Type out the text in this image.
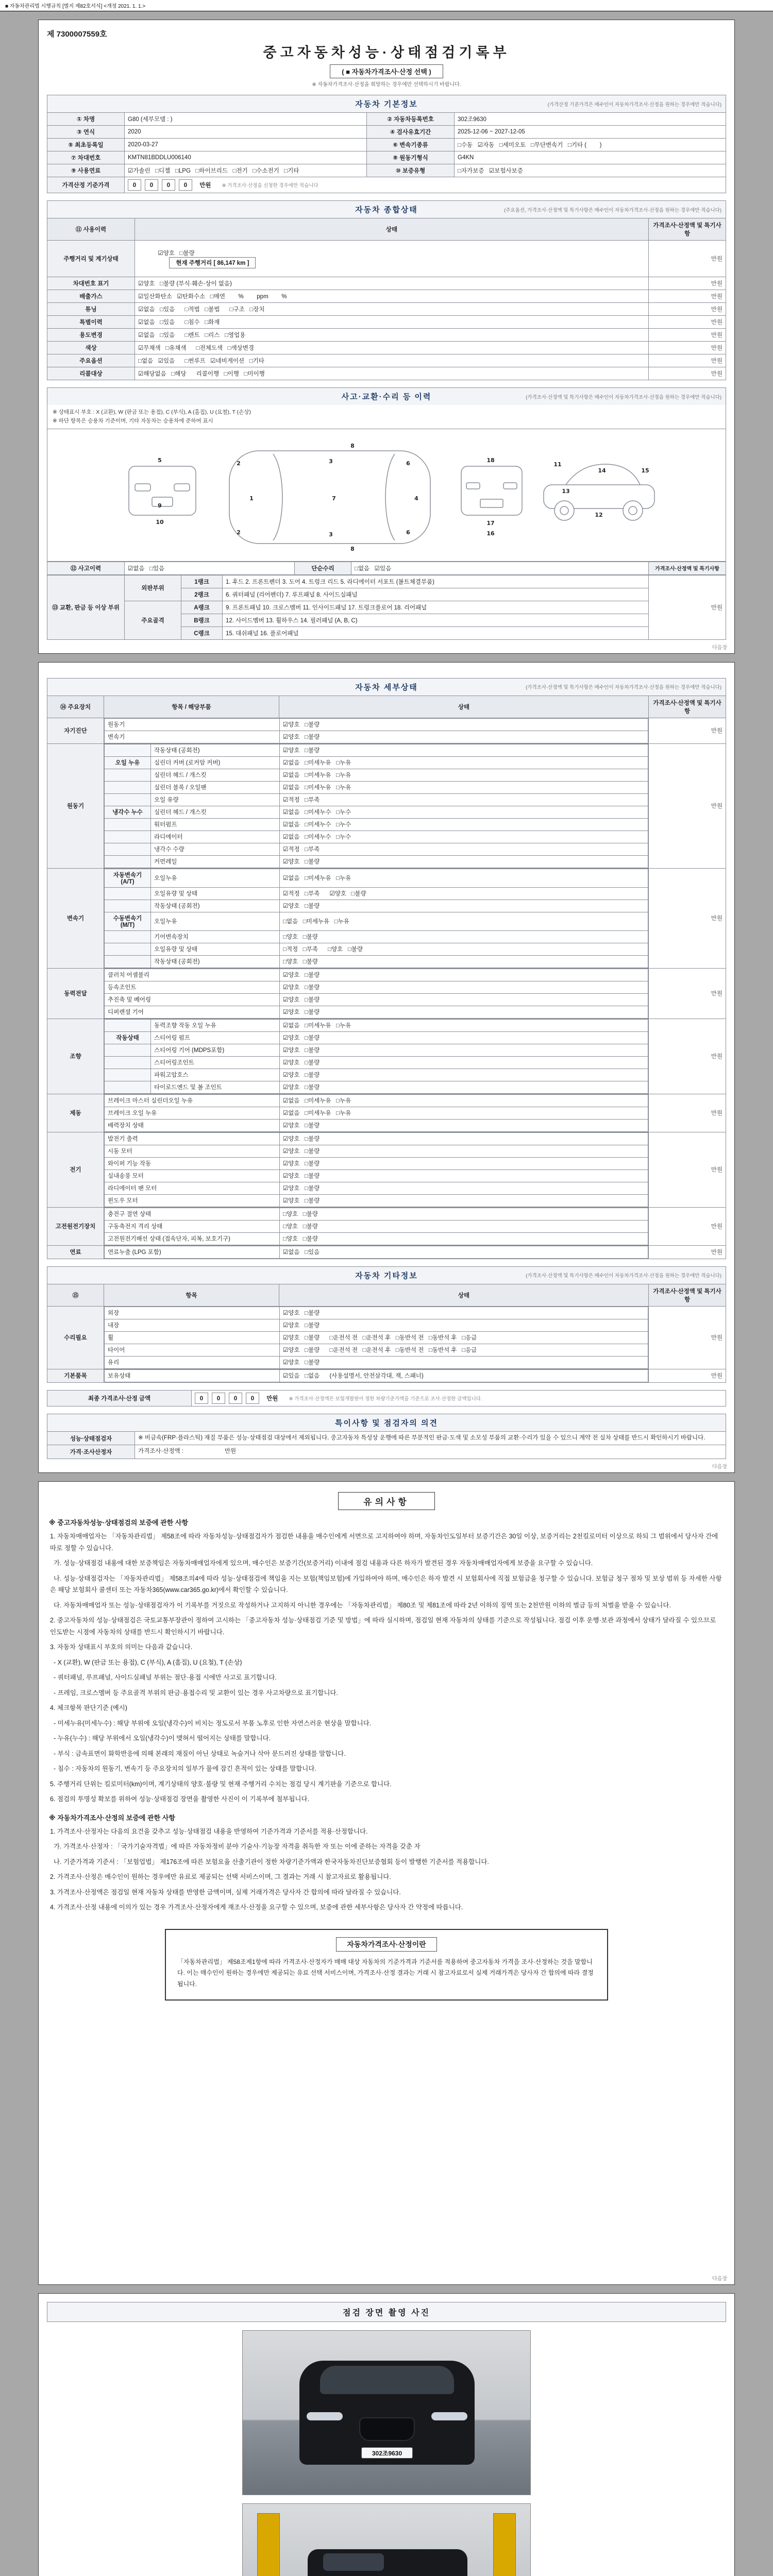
■ 자동차관리법 시행규칙 [별지 제82호서식] <개정 2021. 1. 1.>
제 7300007559호
중고자동차성능·상태점검기록부
( ■ 자동차가격조사·산정 선택 )
※ 자동차가격조사·산정을 희망하는 경우에만 선택하시기 바랍니다.
자동차 기본정보	(가격산정 기준가격은 매수인이 자동차가격조사·산정을 원하는 경우에만 적습니다)
① 차명	G80 (세부모델 : )	② 자동차등록번호	302조9630
③ 연식	2020	④ 검사유효기간	2025-12-06 ~ 2027-12-05
⑤ 최초등록일	2020-03-27	⑥ 변속기종류	□수동   ☑자동   □세미오토   □무단변속기   □기타 (        )
⑦ 차대번호	KMTN81BDDLU006140	⑧ 원동기형식	G4KN
⑨ 사용연료	☑가솔린   □디젤   □LPG   □하이브리드   □전기   □수소전기   □기타	⑩ 보증유형	□자가보증   ☑보험사보증
가격산정 기준가격	0 0 0 0 만원 ※ 가격조사·산정을 신청한 경우에만 적습니다		
자동차 종합상태	(주요옵션, 가격조사·산정액 및 특기사항은 매수인이 자동차가격조사·산정을 원하는 경우에만 적습니다)
⑪ 사용이력	상태	가격조사·산정액 및 특기사항
주행거리 및 계기상태	☑양호   □불량
현재 주행거리 [ 86,147 km ]	만원
차대번호 표기	☑양호   □불량 (부식·훼손·상이 없음)	만원
배출가스	☑일산화탄소   ☑탄화수소   □매연        %        ppm        %	만원
튜닝	☑없음   □있음      □적법   □불법      □구조   □장치	만원
특별이력	☑없음   □있음      □침수   □화재	만원
용도변경	☑없음   □있음      □렌트   □리스   □영업용	만원
색상	☑무채색   □유채색      □전체도색   □색상변경	만원
주요옵션	□없음   ☑있음      □썬루프   ☑네비게이션   □기타	만원
리콜대상	☑해당없음   □해당      리콜이행   □이행   □미이행	만원
사고·교환·수리 등 이력	(가격조사·산정액 및 특기사항은 매수인이 자동차가격조사·산정을 원하는 경우에만 적습니다)
※ 상태표시 부호 : X (교환), W (판금 또는 용접), C (부식), A (흠집), U (요철), T (손상)
※ 하단 항목은 승용차 기준이며, 기타 자동차는 승용차에 준하여 표시
5
9
10
1
2
2
3
3
4
6
6
7
8
8
18
17
16
11
12
13
14	15
⑫ 사고이력	☑없음   □있음	단순수리	□없음   ☑있음	가격조사·산정액 및 특기사항
⑬ 교환, 판금 등 이상 부위	외판부위	1랭크	1. 후드 2. 프론트펜더 3. 도어 4. 트렁크 리드 5. 라디에이터 서포트 (볼트체결부품)	만원
		2랭크	6. 쿼터패널 (리어펜더) 7. 루프패널 8. 사이드실패널	
	주요골격	A랭크	9. 프론트패널 10. 크로스멤버 11. 인사이드패널 17. 트렁크플로어 18. 리어패널	
		B랭크	12. 사이드멤버 13. 휠하우스 14. 필러패널 (A, B, C)	
		C랭크	15. 대쉬패널 16. 플로어패널	
다음장
자동차 세부상태	(가격조사·산정액 및 특기사항은 매수인이 자동차가격조사·산정을 원하는 경우에만 적습니다)
⑭ 주요장치	항목 / 해당부품	상태	가격조사·산정액 및 특기사항
자기진단
원동기	☑양호   □불량
변속기	☑양호   □불량
만원
원동기
	작동상태 (공회전)	☑양호   □불량
오일 누유	실린더 커버 (로커암 커버)	☑없음   □미세누유   □누유
	실린더 헤드 / 개스킷	☑없음   □미세누유   □누유
	실린더 블록 / 오일팬	☑없음   □미세누유   □누유
	오일 유량	☑적정   □부족
냉각수 누수	실린더 헤드 / 개스킷	☑없음   □미세누수   □누수
	워터펌프	☑없음   □미세누수   □누수
	라디에이터	☑없음   □미세누수   □누수
	냉각수 수량	☑적정   □부족
	커먼레일	☑양호   □불량
만원
변속기
자동변속기 (A/T)	오일누유	☑없음   □미세누유   □누유
	오일유량 및 상태	☑적정   □부족      ☑양호   □불량
	작동상태 (공회전)	☑양호   □불량
수동변속기 (M/T)	오일누유	□없음   □미세누유   □누유
	기어변속장치	□양호   □불량
	오일유량 및 상태	□적정   □부족      □양호   □불량
	작동상태 (공회전)	□양호   □불량
만원
동력전달
클러치 어셈블리	☑양호   □불량
등속조인트	☑양호   □불량
추진축 및 베어링	☑양호   □불량
디퍼렌셜 기어	☑양호   □불량
만원
조향
	동력조향 작동 오일 누유	☑없음   □미세누유   □누유
작동상태	스티어링 펌프	☑양호   □불량
	스티어링 기어 (MDPS포함)	☑양호   □불량
	스티어링조인트	☑양호   □불량
	파워고압호스	☑양호   □불량
	타이로드엔드 및 볼 조인트	☑양호   □불량
만원
제동
브레이크 마스터 실린더오일 누유	☑없음   □미세누유   □누유
브레이크 오일 누유	☑없음   □미세누유   □누유
배력장치 상태	☑양호   □불량
만원
전기
발전기 출력	☑양호   □불량
시동 모터	☑양호   □불량
와이퍼 기능 작동	☑양호   □불량
실내송풍 모터	☑양호   □불량
라디에이터 팬 모터	☑양호   □불량
윈도우 모터	☑양호   □불량
만원
고전원전기장치
충전구 절연 상태	□양호   □불량
구동축전지 격리 상태	□양호   □불량
고전원전기배선 상태 (접속단자, 피복, 보호기구)	□양호   □불량
만원
연료	연료누출 (LPG 포함)	☑없음   □있음	만원
자동차 기타정보	(가격조사·산정액 및 특기사항은 매수인이 자동차가격조사·산정을 원하는 경우에만 적습니다)
⑮	항목	상태	가격조사·산정액 및 특기사항
수리필요
외장	☑양호   □불량
내장	☑양호   □불량
휠	☑양호   □불량      □운전석 전   □운전석 후   □동반석 전   □동반석 후   □응급
타이어	☑양호   □불량      □운전석 전   □운전석 후   □동반석 전   □동반석 후   □응급
유리	☑양호   □불량
만원
기본품목	보유상태	☑있음   □없음      (사용설명서, 안전삼각대, 잭, 스패너)	만원
최종 가격조사·산정 금액	0 0 0 0 만원 ※ 가격조사·산정액은 보험개발원이 정한 차량기준가액을 기준으로 조사·산정한 금액입니다.
특이사항 및 점검자의 의견
성능·상태점검자	※ 비금속(FRP·플라스틱) 재질 부품은 성능·상태점검 대상에서 제외됩니다. 중고자동차 특성상 운행에 따른 부분적인 판금·도색 및 소모성 부품의 교환·수리가 있을 수 있으니 계약 전 실차 상태를 반드시 확인하시기 바랍니다.
가격·조사산정자	가격조사·산정액 :                         만원
다음장
유의사항
※ 중고자동차성능·상태점검의 보증에 관한 사항

1. 자동차매매업자는 「자동차관리법」 제58조에 따라 자동차성능·상태점검자가 점검한 내용을 매수인에게 서면으로 고지하여야 하며, 자동차인도일부터 보증기간은 30일 이상, 보증거리는 2천킬로미터 이상으로 하되 그 범위에서 당사자 간에 따로 정할 수 있습니다.

가. 성능·상태점검 내용에 대한 보증책임은 자동차매매업자에게 있으며, 매수인은 보증기간(보증거리) 이내에 점검 내용과 다른 하자가 발견된 경우 자동차매매업자에게 보증을 요구할 수 있습니다.

나. 성능·상태점검자는 「자동차관리법」 제58조의4에 따라 성능·상태점검에 책임을 지는 보험(책임보험)에 가입하여야 하며, 매수인은 하자 발견 시 보험회사에 직접 보험금을 청구할 수 있습니다. 보험금 청구 절차 및 보상 범위 등 자세한 사항은 해당 보험회사 콜센터 또는 자동차365(www.car365.go.kr)에서 확인할 수 있습니다.

다. 자동차매매업자 또는 성능·상태점검자가 이 기록부를 거짓으로 작성하거나 고지하지 아니한 경우에는 「자동차관리법」 제80조 및 제81조에 따라 2년 이하의 징역 또는 2천만원 이하의 벌금 등의 처벌을 받을 수 있습니다.

2. 중고자동차의 성능·상태점검은 국토교통부장관이 정하여 고시하는 「중고자동차 성능·상태점검 기준 및 방법」에 따라 실시하며, 점검일 현재 자동차의 상태를 기준으로 작성됩니다. 점검 이후 운행·보관 과정에서 상태가 달라질 수 있으므로 인도받는 시점에 자동차의 상태를 반드시 확인하시기 바랍니다.

3. 자동차 상태표시 부호의 의미는 다음과 같습니다.

- X (교환), W (판금 또는 용접), C (부식), A (흠집), U (요철), T (손상)

- 쿼터패널, 루프패널, 사이드실패널 부위는 절단·용접 시에만 사고로 표기합니다.

- 프레임, 크로스멤버 등 주요골격 부위의 판금·용접수리 및 교환이 있는 경우 사고차량으로 표기합니다.

4. 체크항목 판단기준 (예시)

- 미세누유(미세누수) : 해당 부위에 오일(냉각수)이 비치는 정도로서 부품 노후로 인한 자연스러운 현상을 말합니다.

- 누유(누수) : 해당 부위에서 오일(냉각수)이 맺혀서 떨어지는 상태를 말합니다.

- 부식 : 금속표면이 화학반응에 의해 본래의 재질이 아닌 상태로 녹슬거나 삭아 문드러진 상태를 말합니다.

- 침수 : 자동차의 원동기, 변속기 등 주요장치의 일부가 물에 잠긴 흔적이 있는 상태를 말합니다.

5. 주행거리 단위는 킬로미터(km)이며, 계기상태의 양호·불량 및 현재 주행거리 수치는 점검 당시 계기판을 기준으로 합니다.

6. 점검의 투명성 확보를 위하여 성능·상태점검 장면을 촬영한 사진이 이 기록부에 첨부됩니다.

※ 자동차가격조사·산정의 보증에 관한 사항

1. 가격조사·산정자는 다음의 요건을 갖추고 성능·상태점검 내용을 반영하여 기준가격과 기준서를 적용·산정합니다.

가. 가격조사·산정자 : 「국가기술자격법」에 따른 자동차정비 분야 기술사·기능장 자격을 취득한 자 또는 이에 준하는 자격을 갖춘 자

나. 기준가격과 기준서 : 「보험업법」 제176조에 따른 보험요율 산출기관이 정한 차량기준가액과 한국자동차진단보증협회 등이 발행한 기준서를 적용합니다.

2. 가격조사·산정은 매수인이 원하는 경우에만 유료로 제공되는 선택 서비스이며, 그 결과는 거래 시 참고자료로 활용됩니다.

3. 가격조사·산정액은 점검일 현재 자동차 상태를 반영한 금액이며, 실제 거래가격은 당사자 간 합의에 따라 달라질 수 있습니다.

4. 가격조사·산정 내용에 이의가 있는 경우 가격조사·산정자에게 재조사·산정을 요구할 수 있으며, 보증에 관한 세부사항은 당사자 간 약정에 따릅니다.

자동차가격조사·산정이란

「자동차관리법」 제58조제1항에 따라 가격조사·산정자가 매매 대상 자동차의 기준가격과 기준서를 적용하여 중고자동차 가격을 조사·산정하는 것을 말합니다. 이는 매수인이 원하는 경우에만 제공되는 유료 선택 서비스이며, 가격조사·산정 결과는 거래 시 참고자료로서 실제 거래가격은 당사자 간 합의에 따라 결정됩니다.

다음장
점검 장면 촬영 사진
302조9630
